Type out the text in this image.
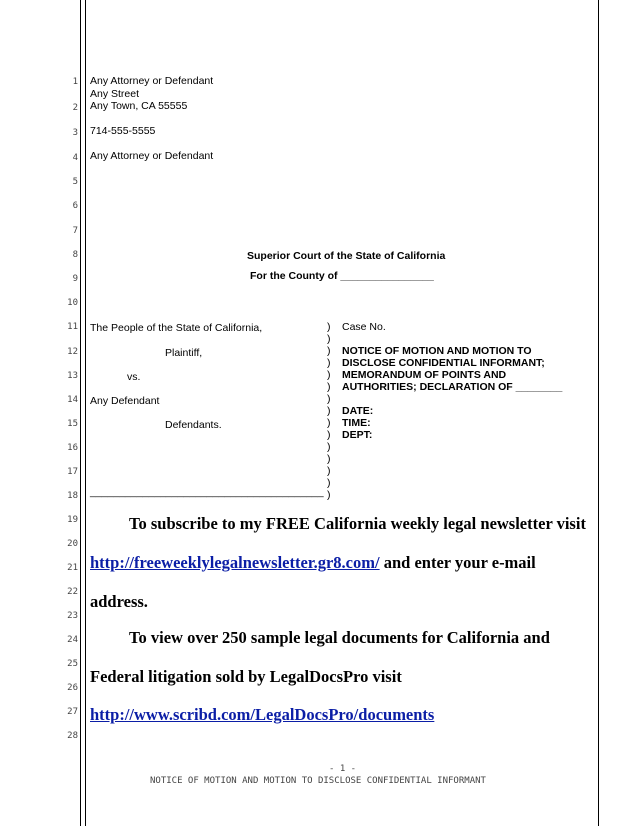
1
2
3
4
5
6
7
8
9
10
11
12
13
14
15
16
17
18
19
20
21
22
23
24
25
26
27
28
Any Attorney or Defendant
Any Street
Any Town, CA 55555
714-555-5555
Any Attorney or Defendant
Superior Court of the State of California
For the County of ________________
The People of the State of California,
Plaintiff,
vs.
Any Defendant
Defendants.
________________________________________
)
)
)
)
)
)
)
)
)
)
)
)
)
)
)
Case No.
NOTICE OF MOTION AND MOTION TO
DISCLOSE CONFIDENTIAL INFORMANT;
MEMORANDUM OF POINTS AND
AUTHORITIES; DECLARATION OF ________
DATE:
TIME:
DEPT:
To subscribe to my FREE California weekly legal newsletter visit
http://freeweeklylegalnewsletter.gr8.com/ and enter your e-mail
address.
To view over 250 sample legal documents for California and
Federal litigation sold by LegalDocsPro visit
http://www.scribd.com/LegalDocsPro/documents
- 1 -
NOTICE OF MOTION AND MOTION TO DISCLOSE CONFIDENTIAL INFORMANT
